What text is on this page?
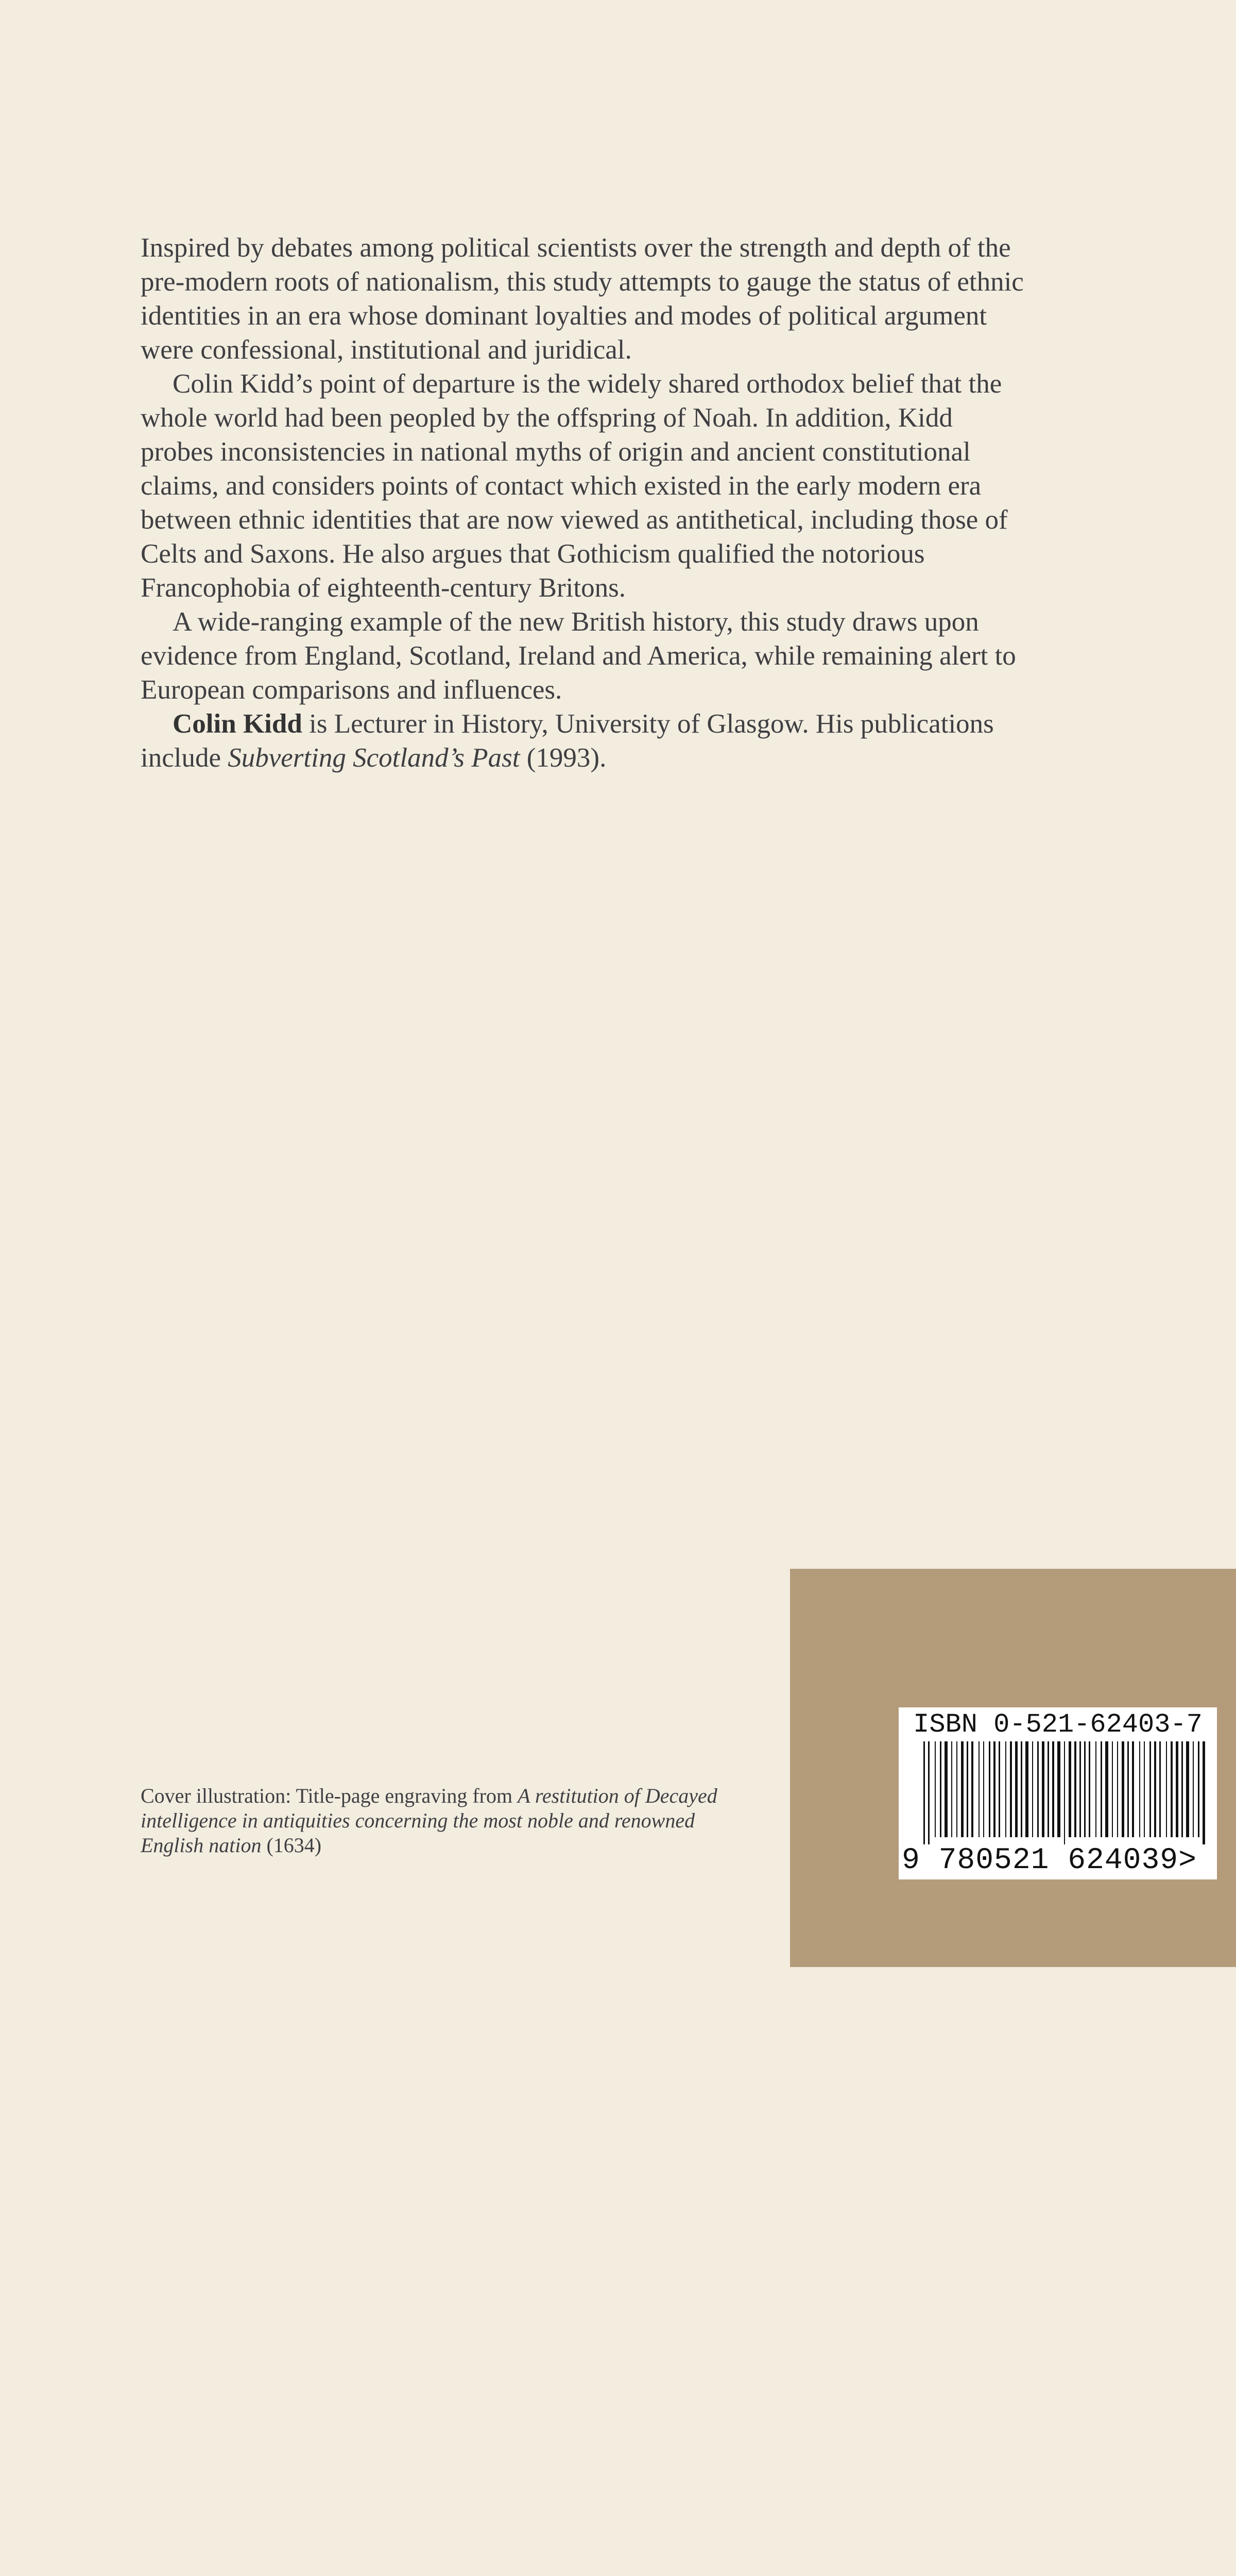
Inspired by debates among political scientists over the strength and depth of the

pre-modern roots of nationalism, this study attempts to gauge the status of ethnic

identities in an era whose dominant loyalties and modes of political argument

were confessional, institutional and juridical.

Colin Kidd’s point of departure is the widely shared orthodox belief that the

whole world had been peopled by the offspring of Noah. In addition, Kidd

probes inconsistencies in national myths of origin and ancient constitutional

claims, and considers points of contact which existed in the early modern era

between ethnic identities that are now viewed as antithetical, including those of

Celts and Saxons. He also argues that Gothicism qualified the notorious

Francophobia of eighteenth-century Britons.

A wide-ranging example of the new British history, this study draws upon

evidence from England, Scotland, Ireland and America, while remaining alert to

European comparisons and influences.

Colin Kidd is Lecturer in History, University of Glasgow. His publications

include Subverting Scotland’s Past (1993).

Cover illustration: Title-page engraving from A restitution of Decayed

intelligence in antiquities concerning the most noble and renowned

English nation (1634)

ISBN 0-521-62403-7
9 780521 624039>
